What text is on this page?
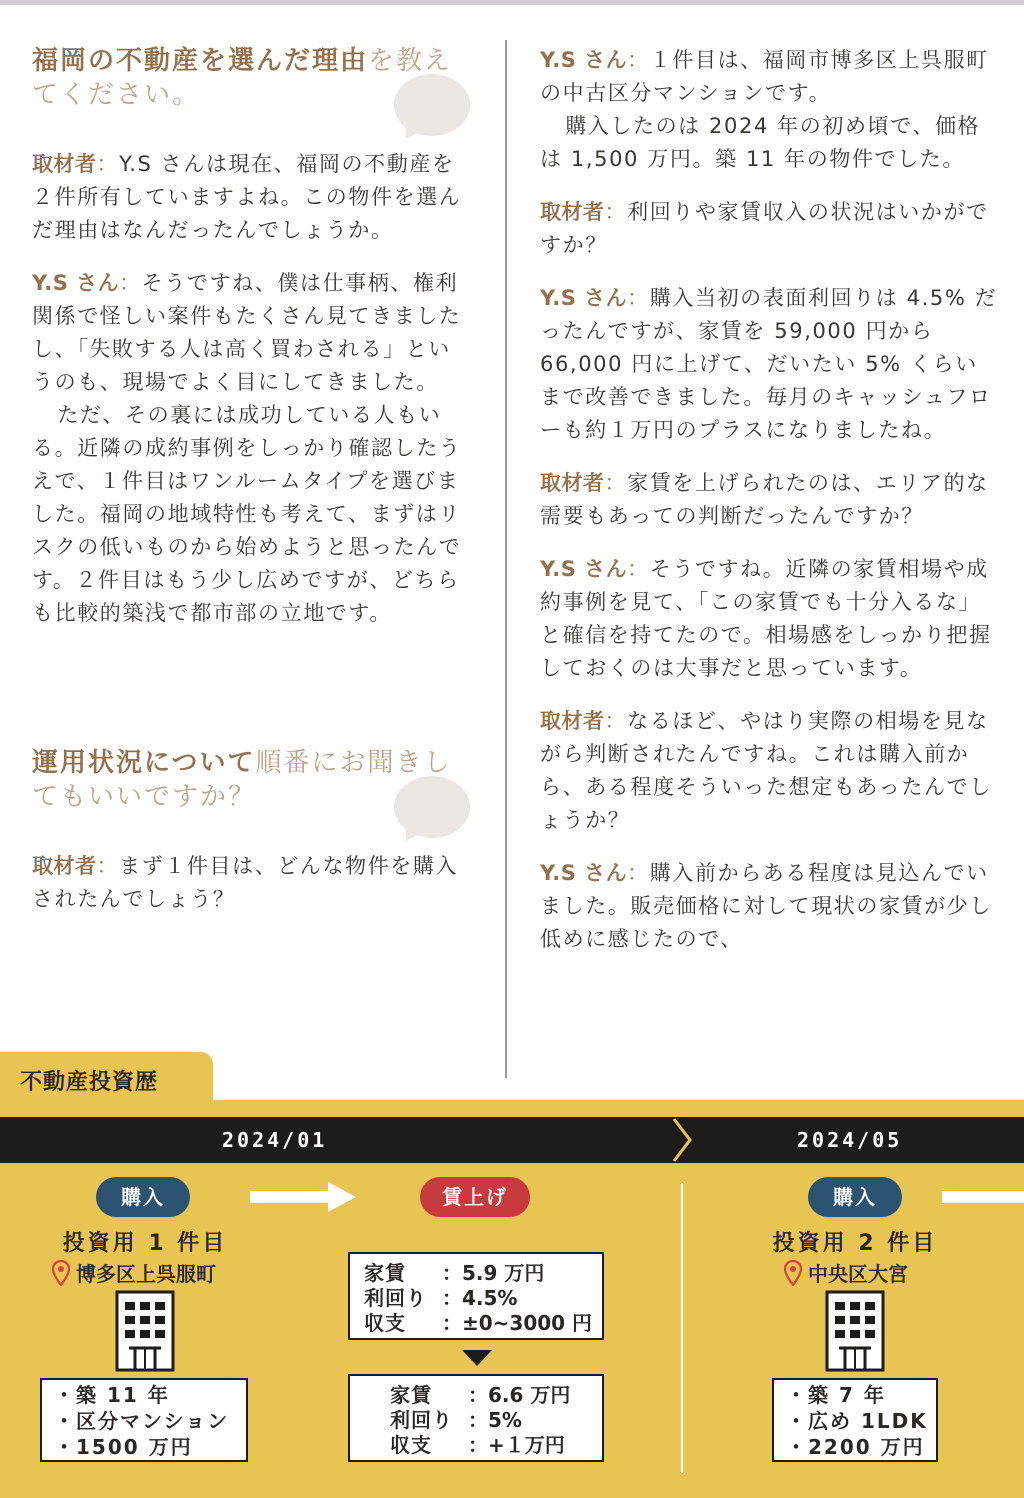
福岡の不動産を選んだ理由を教えてください。

取材者：Y.S さんは現在、福岡の不動産を２件所有していますよね。この物件を選んだ理由はなんだったんでしょうか。

Y.S さん：そうですね、僕は仕事柄、権利関係で怪しい案件もたくさん見てきましたし、「失敗する人は高く買わされる」というのも、現場でよく目にしてきました。

ただ、その裏には成功している人もいる。近隣の成約事例をしっかり確認したうえで、１件目はワンルームタイプを選びました。福岡の地域特性も考えて、まずはリスクの低いものから始めようと思ったんです。２件目はもう少し広めですが、どちらも比較的築浅で都市部の立地です。

運用状況について順番にお聞きしてもいいですか？

取材者：まず１件目は、どんな物件を購入されたんでしょう？

Y.S さん：１件目は、福岡市博多区上呉服町の中古区分マンションです。

購入したのは 2024 年の初め頃で、価格は 1,500 万円。築 11 年の物件でした。

取材者：利回りや家賃収入の状況はいかがですか？

Y.S さん：購入当初の表面利回りは 4.5% だったんですが、家賃を 59,000 円から 66,000 円に上げて、だいたい 5% くらいまで改善できました。毎月のキャッシュフローも約１万円のプラスになりましたね。

取材者：家賃を上げられたのは、エリア的な需要もあっての判断だったんですか？

Y.S さん：そうですね。近隣の家賃相場や成約事例を見て、「この家賃でも十分入るな」と確信を持てたので。相場感をしっかり把握しておくのは大事だと思っています。

取材者：なるほど、やはり実際の相場を見ながら判断されたんですね。これは購入前から、ある程度そういった想定もあったんでしょうか？

Y.S さん：購入前からある程度は見込んでいました。販売価格に対して現状の家賃が少し低めに感じたので、

不動産投資歴
2024/01	2024/05
購入	賃上げ	購入
投資用 1 件目
博多区上呉服町
・築 11 年
・区分マンション
・1500 万円
家賃	：5.9 万円
利回り ：4.5%
収支	：±0~3000 円
家賃	：6.6 万円
利回り ：5%
収支	：+１万円
投資用 2 件目
中央区大宮
・築 7 年
・広め 1LDK
・2200 万円
